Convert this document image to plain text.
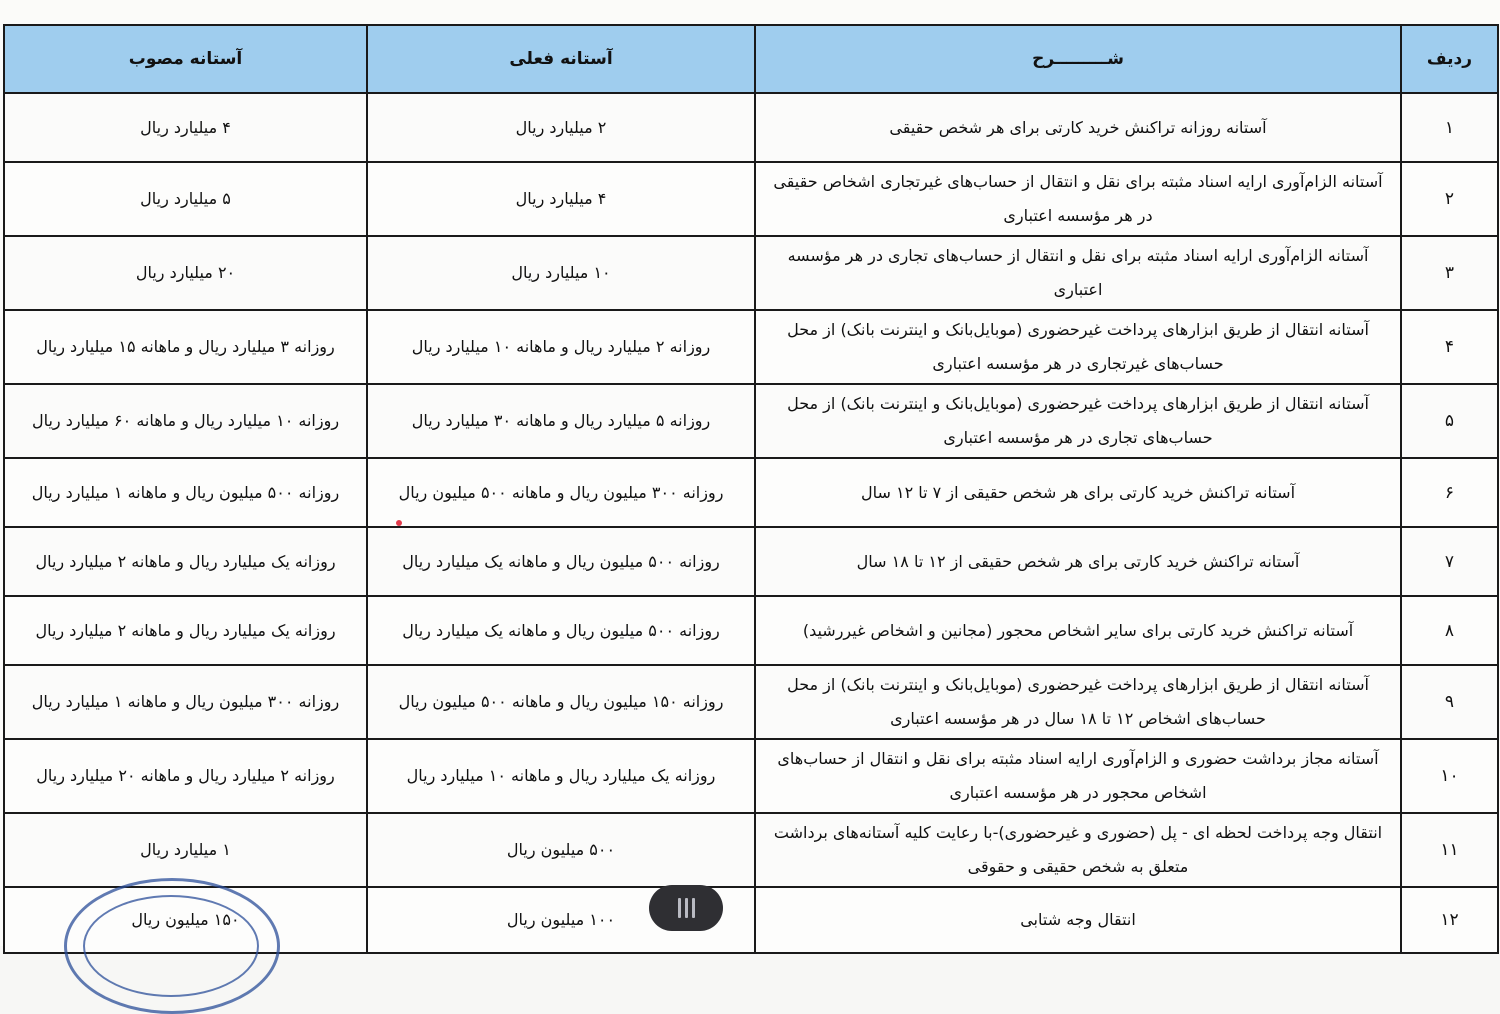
ردیف	شـــــــــرح	آستانه فعلی	آستانه مصوب
۱	آستانه روزانه تراکنش خرید کارتی برای هر شخص حقیقی	۲ میلیارد ریال	۴ میلیارد ریال
۲	آستانه الزام‌آوری ارایه اسناد مثبته برای نقل و انتقال از حساب‌های غیرتجاری اشخاص حقیقی در هر مؤسسه اعتباری	۴ میلیارد ریال	۵ میلیارد ریال
۳	آستانه الزام‌آوری ارایه اسناد مثبته برای نقل و انتقال از حساب‌های تجاری در هر مؤسسه اعتباری	۱۰ میلیارد ریال	۲۰ میلیارد ریال
۴	آستانه انتقال از طریق ابزارهای پرداخت غیرحضوری (موبایل‌بانک و اینترنت بانک) از محل حساب‌های غیرتجاری در هر مؤسسه اعتباری	روزانه ۲ میلیارد ریال و ماهانه ۱۰ میلیارد ریال	روزانه ۳ میلیارد ریال و ماهانه ۱۵ میلیارد ریال
۵	آستانه انتقال از طریق ابزارهای پرداخت غیرحضوری (موبایل‌بانک و اینترنت بانک) از محل حساب‌های تجاری در هر مؤسسه اعتباری	روزانه ۵ میلیارد ریال و ماهانه ۳۰ میلیارد ریال	روزانه ۱۰ میلیارد ریال و ماهانه ۶۰ میلیارد ریال
۶	آستانه تراکنش خرید کارتی برای هر شخص حقیقی از ۷ تا ۱۲ سال	روزانه ۳۰۰ میلیون ریال و ماهانه ۵۰۰ میلیون ریال	روزانه ۵۰۰ میلیون ریال و ماهانه ۱ میلیارد ریال
۷	آستانه تراکنش خرید کارتی برای هر شخص حقیقی از ۱۲ تا ۱۸ سال	روزانه ۵۰۰ میلیون ریال و ماهانه یک میلیارد ریال	روزانه یک میلیارد ریال و ماهانه ۲ میلیارد ریال
۸	آستانه تراکنش خرید کارتی برای سایر اشخاص محجور (مجانین و اشخاص غیررشید)	روزانه ۵۰۰ میلیون ریال و ماهانه یک میلیارد ریال	روزانه یک میلیارد ریال و ماهانه ۲ میلیارد ریال
۹	آستانه انتقال از طریق ابزارهای پرداخت غیرحضوری (موبایل‌بانک و اینترنت بانک) از محل حساب‌های اشخاص ۱۲ تا ۱۸ سال در هر مؤسسه اعتباری	روزانه ۱۵۰ میلیون ریال و ماهانه ۵۰۰ میلیون ریال	روزانه ۳۰۰ میلیون ریال و ماهانه ۱ میلیارد ریال
۱۰	آستانه مجاز برداشت حضوری و الزام‌آوری ارایه اسناد مثبته برای نقل و انتقال از حساب‌های اشخاص محجور در هر مؤسسه اعتباری	روزانه یک میلیارد ریال و ماهانه ۱۰ میلیارد ریال	روزانه ۲ میلیارد ریال و ماهانه ۲۰ میلیارد ریال
۱۱	انتقال وجه پرداخت لحظه ای - پل (حضوری و غیرحضوری)-با رعایت کلیه آستانه‌های برداشت متعلق به شخص حقیقی و حقوقی	۵۰۰ میلیون ریال	۱ میلیارد ریال
۱۲	انتقال وجه شتابی	۱۰۰ میلیون ریال	۱۵۰ میلیون ریال
